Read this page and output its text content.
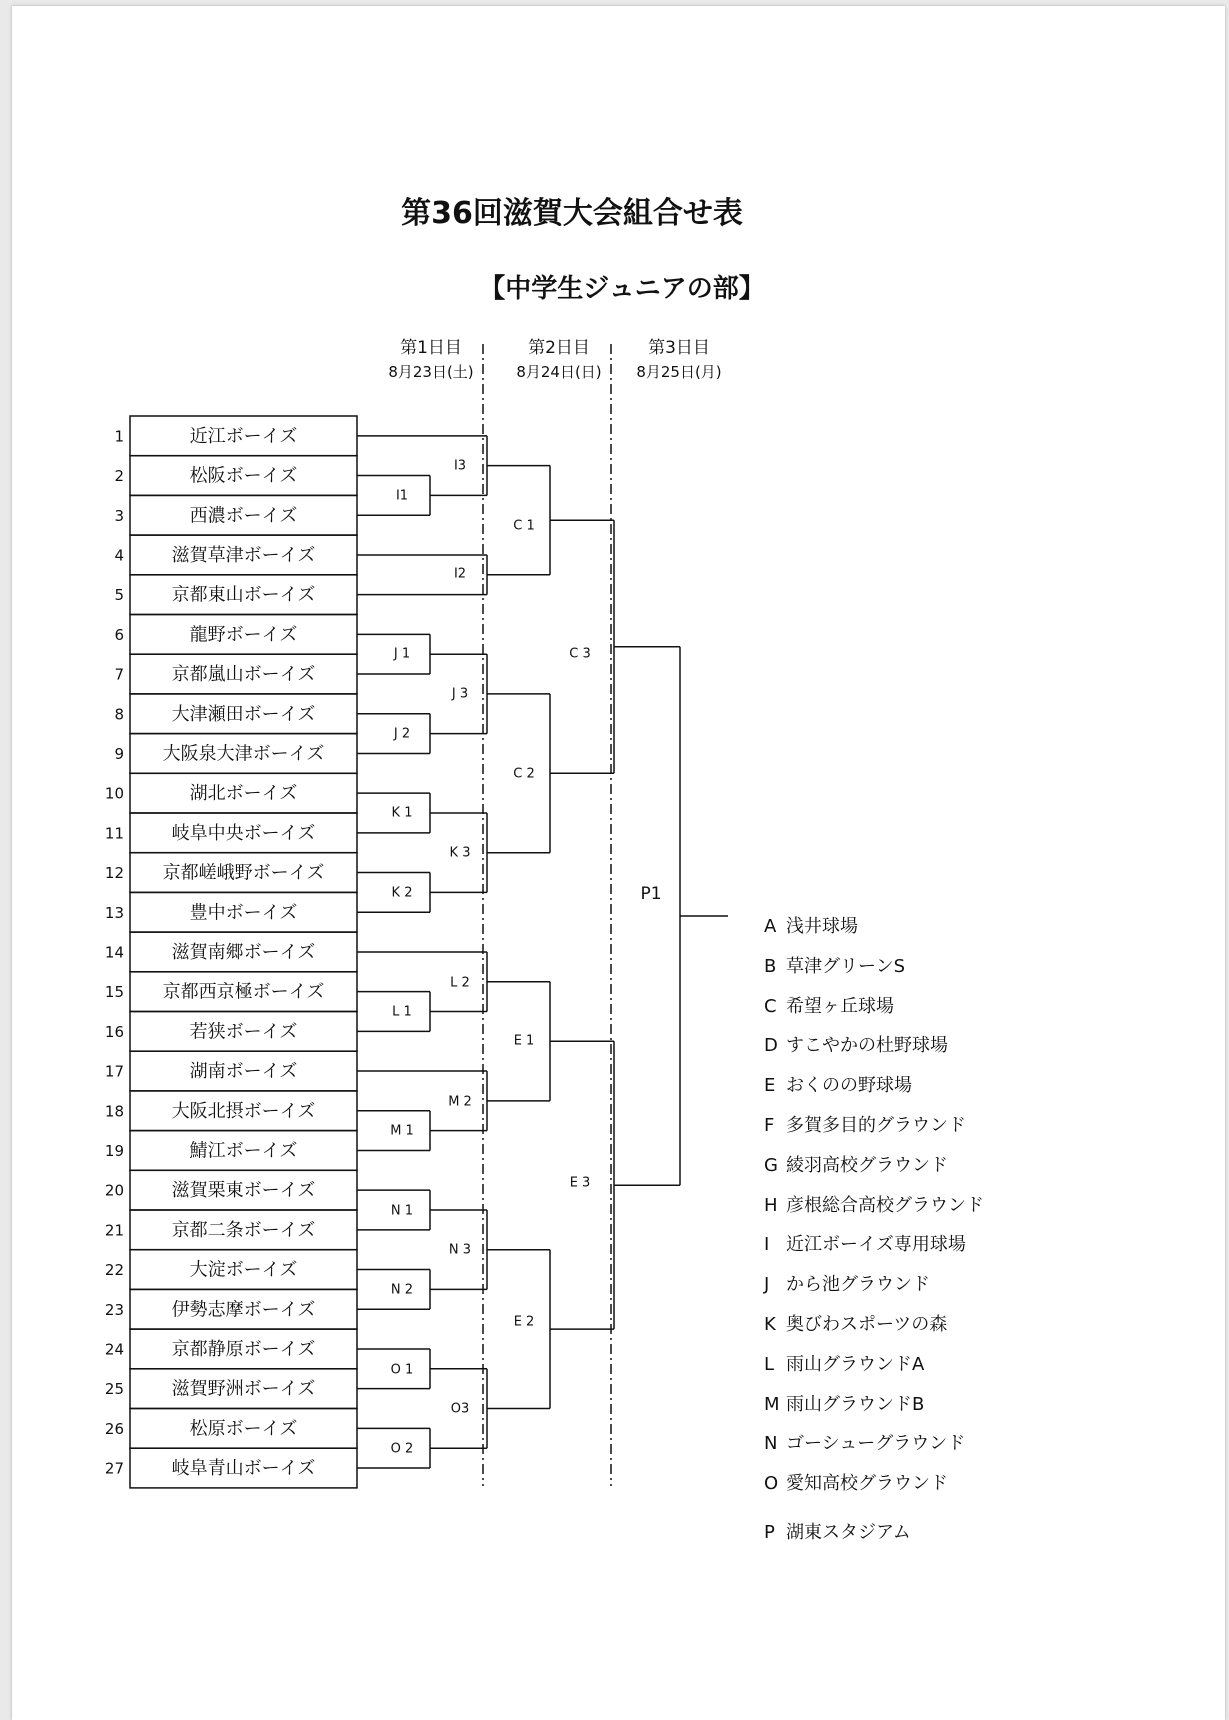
第36回滋賀大会組合せ表
【中学生ジュニアの部】
第1日目
8月23日(土)
第2日目
8月24日(日)
第3日目
8月25日(月)
1	近江ボーイズ
2	松阪ボーイズ
3	西濃ボーイズ
4	滋賀草津ボーイズ
5	京都東山ボーイズ
6	龍野ボーイズ
7	京都嵐山ボーイズ
8	大津瀬田ボーイズ
9 大阪泉大津ボーイズ
10	湖北ボーイズ
11	岐阜中央ボーイズ
12 京都嵯峨野ボーイズ
13	豊中ボーイズ
14	滋賀南郷ボーイズ
15 京都西京極ボーイズ
16	若狭ボーイズ
17	湖南ボーイズ
18	大阪北摂ボーイズ
19	鯖江ボーイズ
20	滋賀栗東ボーイズ
21	京都二条ボーイズ
22	大淀ボーイズ
23	伊勢志摩ボーイズ
24	京都静原ボーイズ
25	滋賀野洲ボーイズ
26	松原ボーイズ
27	岐阜青山ボーイズ
I1
J 1
J 2
K 1
K 2
L 1
M 1
N 1
N 2
O 1
O 2
I3
I2
J 3
K 3
L 2
M 2
N 3
O3
C 1
C 2
E 1
E 2
C 3
E 3
P1
A 浅井球場
B 草津グリーンS
C 希望ヶ丘球場
D すこやかの杜野球場
E おくのの野球場
F 多賀多目的グラウンド
G 綾羽高校グラウンド
H 彦根総合高校グラウンド
I 近江ボーイズ専用球場
J から池グラウンド
K 奥びわスポーツの森
L 雨山グラウンドA
M 雨山グラウンドB
N ゴーシューグラウンド
O 愛知高校グラウンド
P 湖東スタジアム
